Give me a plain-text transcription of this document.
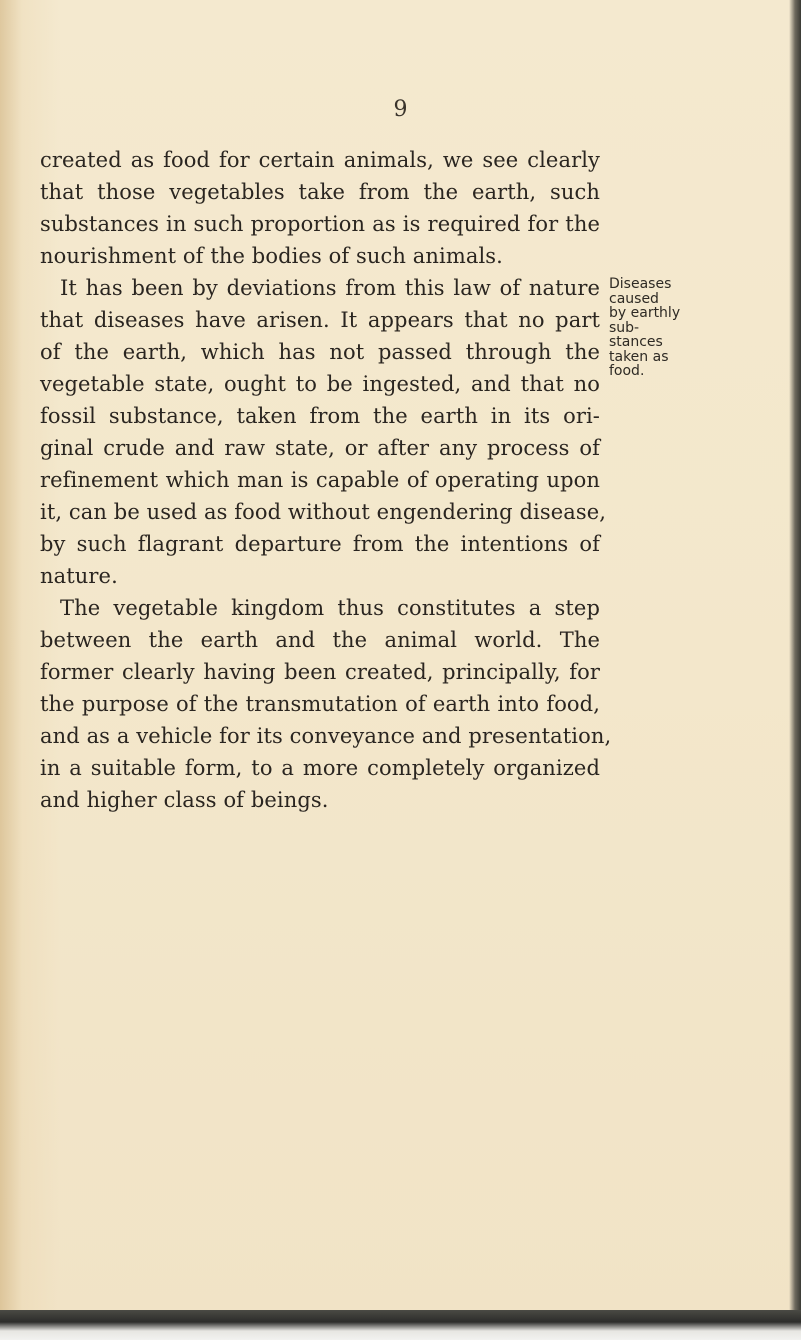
9
created as food for certain animals, we see clearly
that those vegetables take from the earth, such
substances in such proportion as is required for the
nourishment of the bodies of such animals.
It has been by deviations from this law of nature
that diseases have arisen. It appears that no part
of the earth, which has not passed through the
vegetable state, ought to be ingested, and that no
fossil substance, taken from the earth in its ori-
ginal crude and raw state, or after any process of
refinement which man is capable of operating upon
it, can be used as food without engendering disease,
by such flagrant departure from the intentions of
nature.
The vegetable kingdom thus constitutes a step
between the earth and the animal world. The
former clearly having been created, principally, for
the purpose of the transmutation of earth into food,
and as a vehicle for its conveyance and presentation,
in a suitable form, to a more completely organized
and higher class of beings.
Diseases
caused
by earthly
sub-
stances
taken as
food.
